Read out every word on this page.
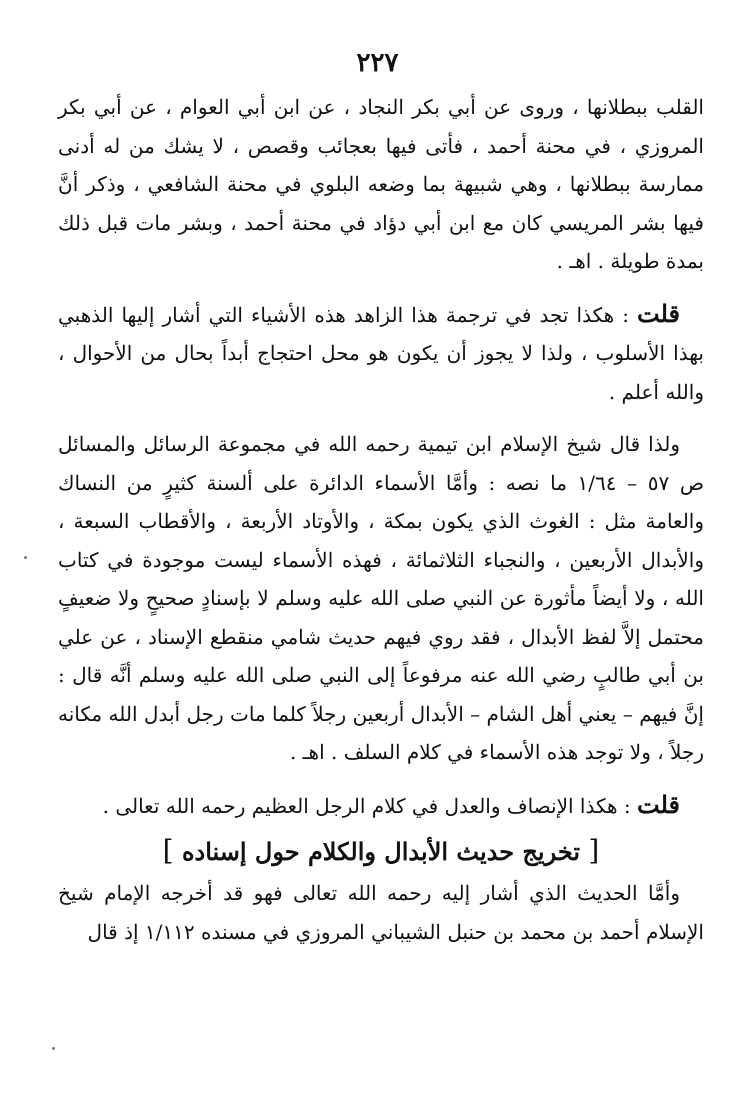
٢٢٧

القلب ببطلانها ، وروى عن أبي بكر النجاد ، عن ابن أبي العوام ، عن أبي بكر المروزي ، في محنة أحمد ، فأتى فيها بعجائب وقصص ، لا يشك من له أدنى ممارسة ببطلانها ، وهي شبيهة بما وضعه البلوي في محنة الشافعي ، وذكر أنَّ فيها بشر المريسي كان مع ابن أبي دؤاد في محنة أحمد ، وبشر مات قبل ذلك بمدة طويلة . اهـ .

قلت : هكذا تجد في ترجمة هذا الزاهد هذه الأشياء التي أشار إليها الذهبي بهذا الأسلوب ، ولذا لا يجوز أن يكون هو محل احتجاج أبداً بحال من الأحوال ، والله أعلم .

ولذا قال شيخ الإسلام ابن تيمية رحمه الله في مجموعة الرسائل والمسائل ص ٥٧ – ١/٦٤ ما نصه : وأمَّا الأسماء الدائرة على ألسنة كثيرٍ من النساك والعامة مثل : الغوث الذي يكون بمكة ، والأوتاد الأربعة ، والأقطاب السبعة ، والأبدال الأربعين ، والنجباء الثلاثمائة ، فهذه الأسماء ليست موجودة في كتاب الله ، ولا أيضاً مأثورة عن النبي صلى الله عليه وسلم لا بإسنادٍ صحيحٍ ولا ضعيفٍ محتمل إلاَّ لفظ الأبدال ، فقد روي فيهم حديث شامي منقطع الإسناد ، عن علي بن أبي طالبٍ رضي الله عنه مرفوعاً إلى النبي صلى الله عليه وسلم أنَّه قال : إنَّ فيهم – يعني أهل الشام – الأبدال أربعين رجلاً كلما مات رجل أبدل الله مكانه رجلاً ، ولا توجد هذه الأسماء في كلام السلف . اهـ .

قلت : هكذا الإنصاف والعدل في كلام الرجل العظيم رحمه الله تعالى .

[ تخريج حديث الأبدال والكلام حول إسناده ]

وأمَّا الحديث الذي أشار إليه رحمه الله تعالى فهو قد أخرجه الإمام شيخ الإسلام أحمد بن محمد بن حنبل الشيباني المروزي في مسنده ١/١١٢ إذ قال
